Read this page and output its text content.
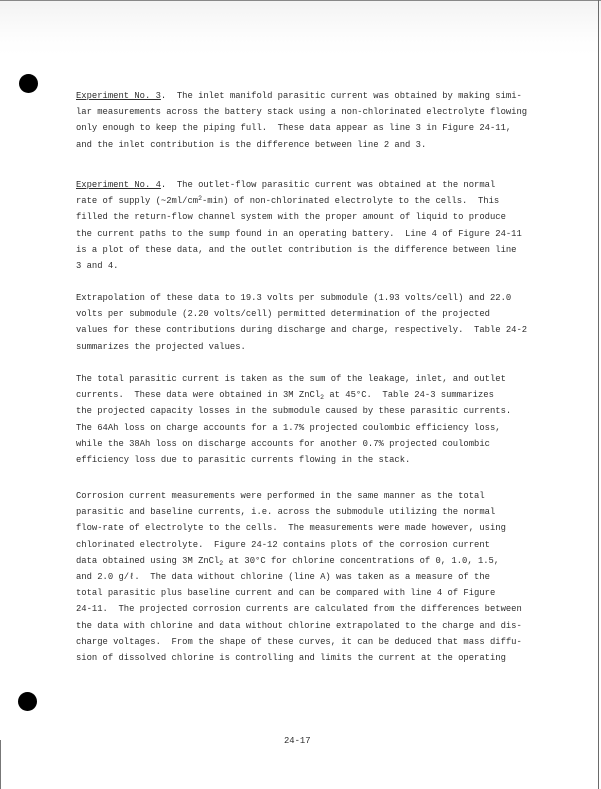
Experiment No. 3.  The inlet manifold parasitic current was obtained by making simi-
lar measurements across the battery stack using a non-chlorinated electrolyte flowing
only enough to keep the piping full.  These data appear as line 3 in Figure 24-11,
and the inlet contribution is the difference between line 2 and 3.
Experiment No. 4.  The outlet-flow parasitic current was obtained at the normal
rate of supply $(\sim 2ml/cm^2-\min)$ of non-chlorinated electrolyte to the cells.  This
filled the return-flow channel system with the proper amount of liquid to produce
the current paths to the sump found in an operating battery.  Line 4 of Figure 24-11
is a plot of these data, and the outlet contribution is the difference between line
3 and 4.
Extrapolation of these data to 19.3 volts per submodule (1.93 volts/cell) and 22.0
volts per submodule (2.20 volts/cell) permitted determination of the projected
values for these contributions during discharge and charge, respectively.  Table 24-2
summarizes the projected values.
The total parasitic current is taken as the sum of the leakage, inlet, and outlet
currents.  These data were obtained in 3M ZnCl$_2$ at 45°C.  Table 24-3 summarizes
the projected capacity losses in the submodule caused by these parasitic currents.
The 64Ah loss on charge accounts for a 1.7% projected coulombic efficiency loss,
while the 38Ah loss on discharge accounts for another 0.7% projected coulombic
efficiency loss due to parasitic currents flowing in the stack.
Corrosion current measurements were performed in the same manner as the total
parasitic and baseline currents, i.e. across the submodule utilizing the normal
flow-rate of electrolyte to the cells.  The measurements were made however, using
chlorinated electrolyte.  Figure 24-12 contains plots of the corrosion current
data obtained using 3M ZnCl$_2$ at 30°C for chlorine concentrations of 0, 1.0, 1.5,
and 2.0 g/ℓ.  The data without chlorine (line A) was taken as a measure of the
total parasitic plus baseline current and can be compared with line 4 of Figure
24-11.  The projected corrosion currents are calculated from the differences between
the data with chlorine and data without chlorine extrapolated to the charge and dis-
charge voltages.  From the shape of these curves, it can be deduced that mass diffu-
sion of dissolved chlorine is controlling and limits the current at the operating
24-17
